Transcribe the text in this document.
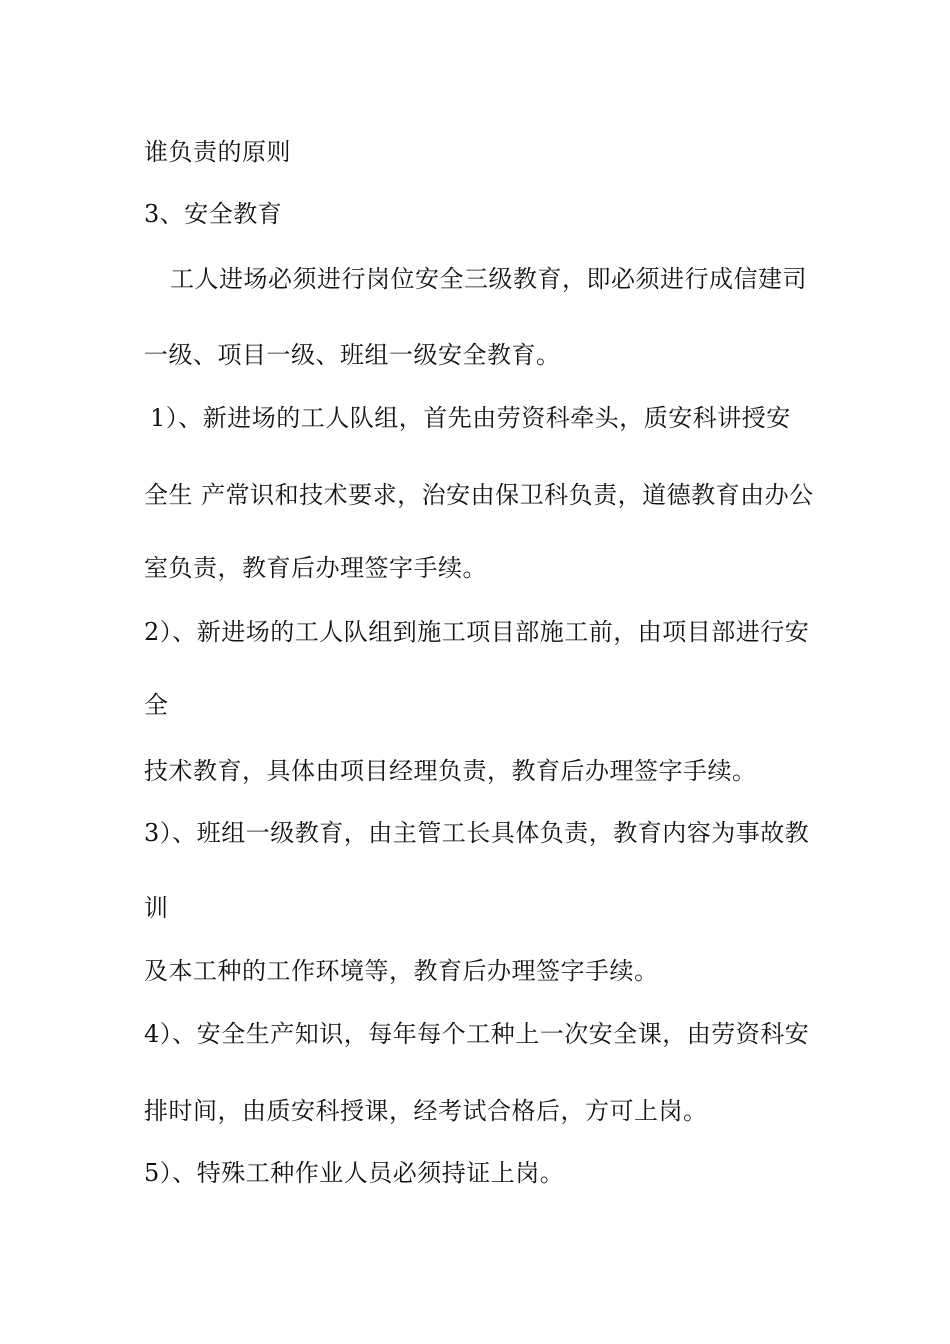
谁负责的原则
3、安全教育
工人进场必须进行岗位安全三级教育，即必须进行成信建司
一级、项目一级、班组一级安全教育。
1）、新进场的工人队组，首先由劳资科牵头，质安科讲授安
全生 产常识和技术要求，治安由保卫科负责，道德教育由办公
室负责，教育后办理签字手续。
2）、新进场的工人队组到施工项目部施工前，由项目部进行安
全
技术教育，具体由项目经理负责，教育后办理签字手续。
3）、班组一级教育，由主管工长具体负责，教育内容为事故教
训
及本工种的工作环境等，教育后办理签字手续。
4）、安全生产知识，每年每个工种上一次安全课，由劳资科安
排时间，由质安科授课，经考试合格后，方可上岗。
5）、特殊工种作业人员必须持证上岗。
